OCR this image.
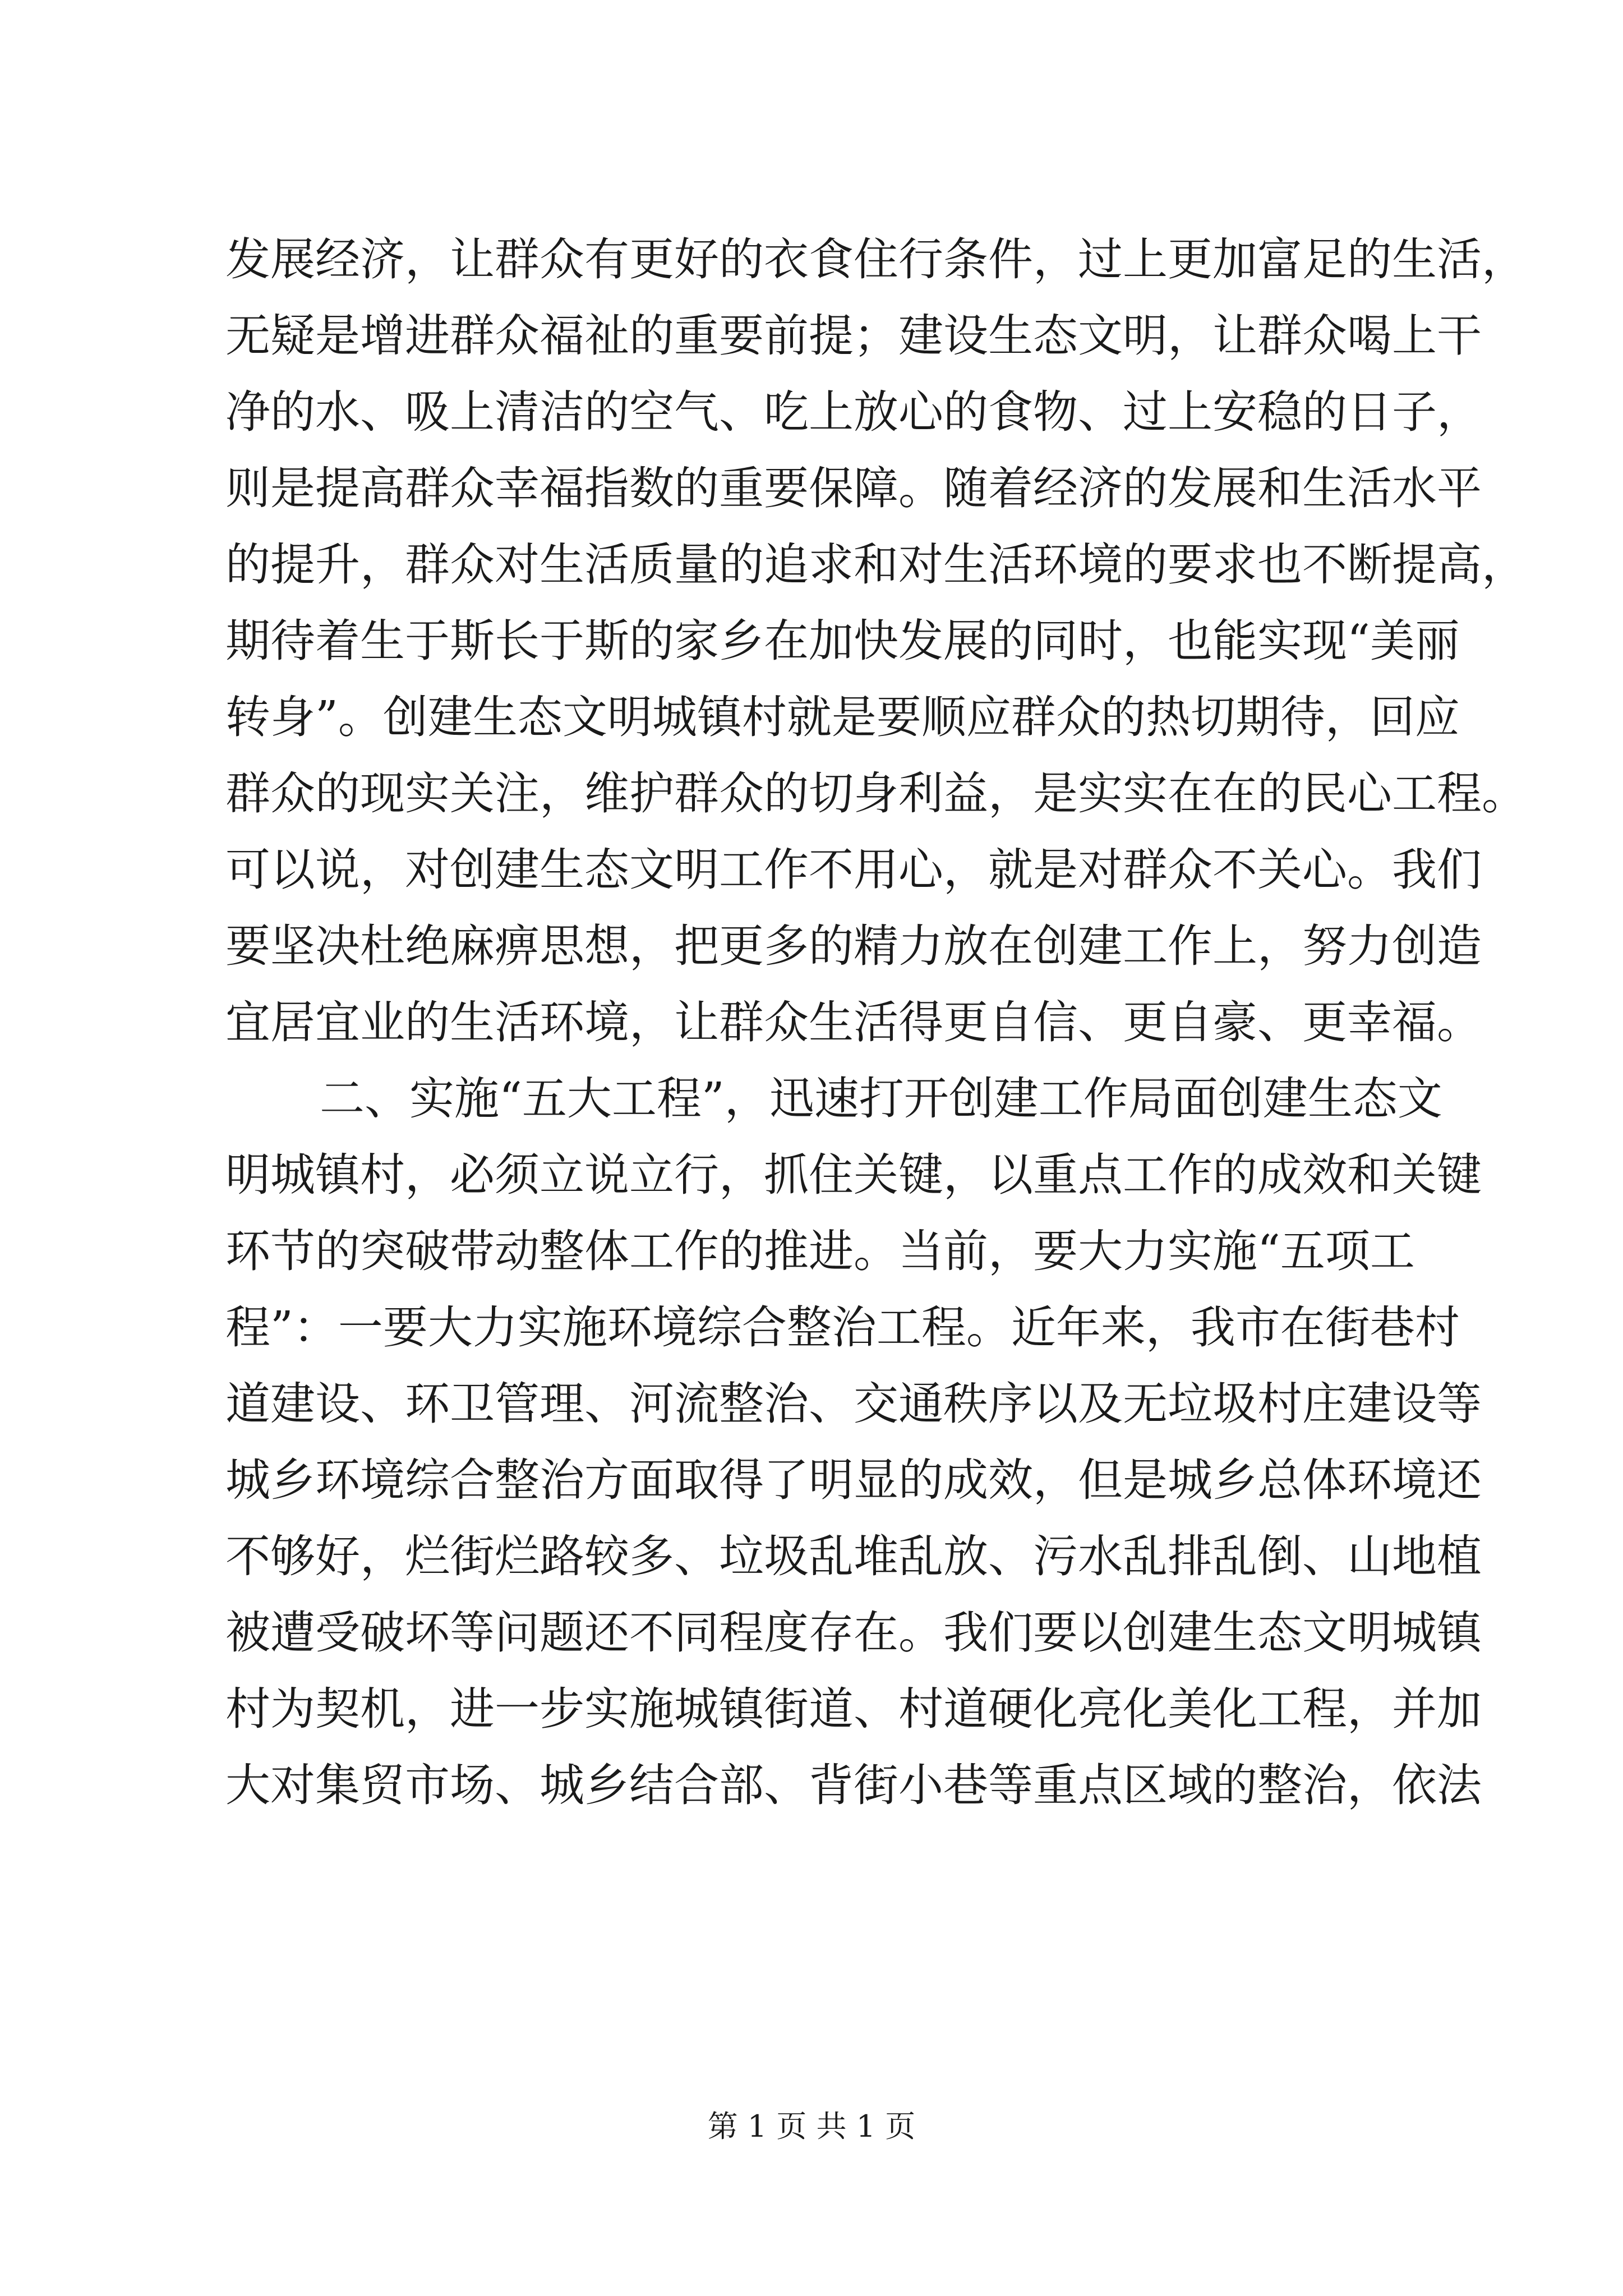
发展经济，让群众有更好的衣食住行条件，过上更加富足的生活，
无疑是增进群众福祉的重要前提；建设生态文明，让群众喝上干
净的水、吸上清洁的空气、吃上放心的食物、过上安稳的日子，
则是提高群众幸福指数的重要保障。随着经济的发展和生活水平
的提升，群众对生活质量的追求和对生活环境的要求也不断提高，
期待着生于斯长于斯的家乡在加快发展的同时，也能实现“美丽
转身”。创建生态文明城镇村就是要顺应群众的热切期待，回应
群众的现实关注，维护群众的切身利益，是实实在在的民心工程。
可以说，对创建生态文明工作不用心，就是对群众不关心。我们
要坚决杜绝麻痹思想，把更多的精力放在创建工作上，努力创造
宜居宜业的生活环境，让群众生活得更自信、更自豪、更幸福。
二、实施“五大工程”，迅速打开创建工作局面创建生态文
明城镇村，必须立说立行，抓住关键，以重点工作的成效和关键
环节的突破带动整体工作的推进。当前，要大力实施“五项工
程”：一要大力实施环境综合整治工程。近年来，我市在街巷村
道建设、环卫管理、河流整治、交通秩序以及无垃圾村庄建设等
城乡环境综合整治方面取得了明显的成效，但是城乡总体环境还
不够好，烂街烂路较多、垃圾乱堆乱放、污水乱排乱倒、山地植
被遭受破坏等问题还不同程度存在。我们要以创建生态文明城镇
村为契机，进一步实施城镇街道、村道硬化亮化美化工程，并加
大对集贸市场、城乡结合部、背街小巷等重点区域的整治，依法
第 1 页 共 1 页
